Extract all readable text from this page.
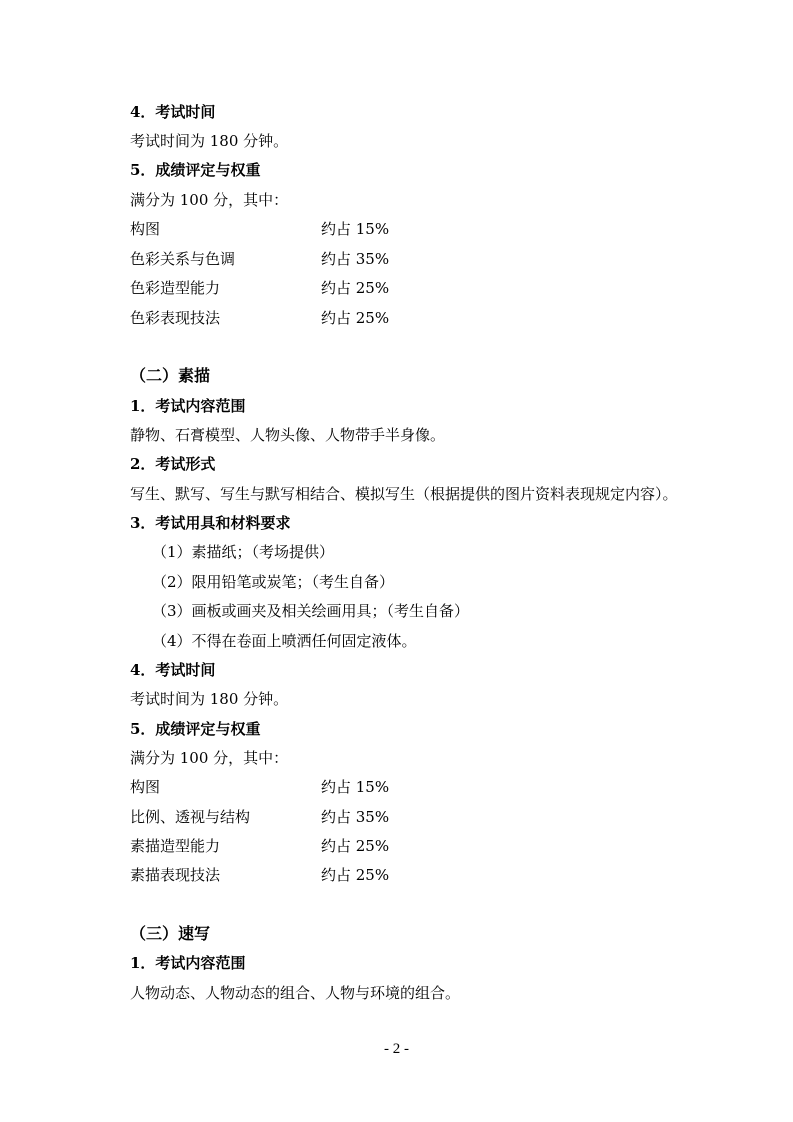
4．考试时间
考试时间为 180 分钟。
5．成绩评定与权重
满分为 100 分，其中：
构图	约占 15%
色彩关系与色调	约占 35%
色彩造型能力	约占 25%
色彩表现技法	约占 25%
（二）素描
1．考试内容范围
静物、石膏模型、人物头像、人物带手半身像。
2．考试形式
写生、默写、写生与默写相结合、模拟写生（根据提供的图片资料表现规定内容）。
3．考试用具和材料要求
（1）素描纸；（考场提供）
（2）限用铅笔或炭笔；（考生自备）
（3）画板或画夹及相关绘画用具；（考生自备）
（4）不得在卷面上喷洒任何固定液体。
4．考试时间
考试时间为 180 分钟。
5．成绩评定与权重
满分为 100 分，其中：
构图	约占 15%
比例、透视与结构	约占 35%
素描造型能力	约占 25%
素描表现技法	约占 25%
（三）速写
1．考试内容范围
人物动态、人物动态的组合、人物与环境的组合。
- 2 -
